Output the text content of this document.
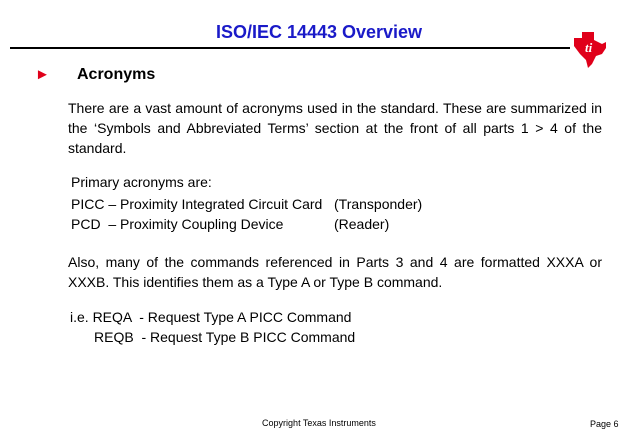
ISO/IEC 14443 Overview
ti
► Acronyms
There are a vast amount of acronyms used in the standard. These are summarized in the ‘Symbols and Abbreviated Terms’ section at the front of all parts 1 > 4 of the standard.
Primary acronyms are:
PICC – Proximity Integrated Circuit Card (Transponder)
PCD  – Proximity Coupling Device	(Reader)
Also, many of the commands referenced in Parts 3 and 4 are formatted XXXA or XXXB. This identifies them as a Type A or Type B command.
i.e. REQA  - Request Type A PICC Command
REQB  - Request Type B PICC Command
Copyright Texas Instruments	Page 6
